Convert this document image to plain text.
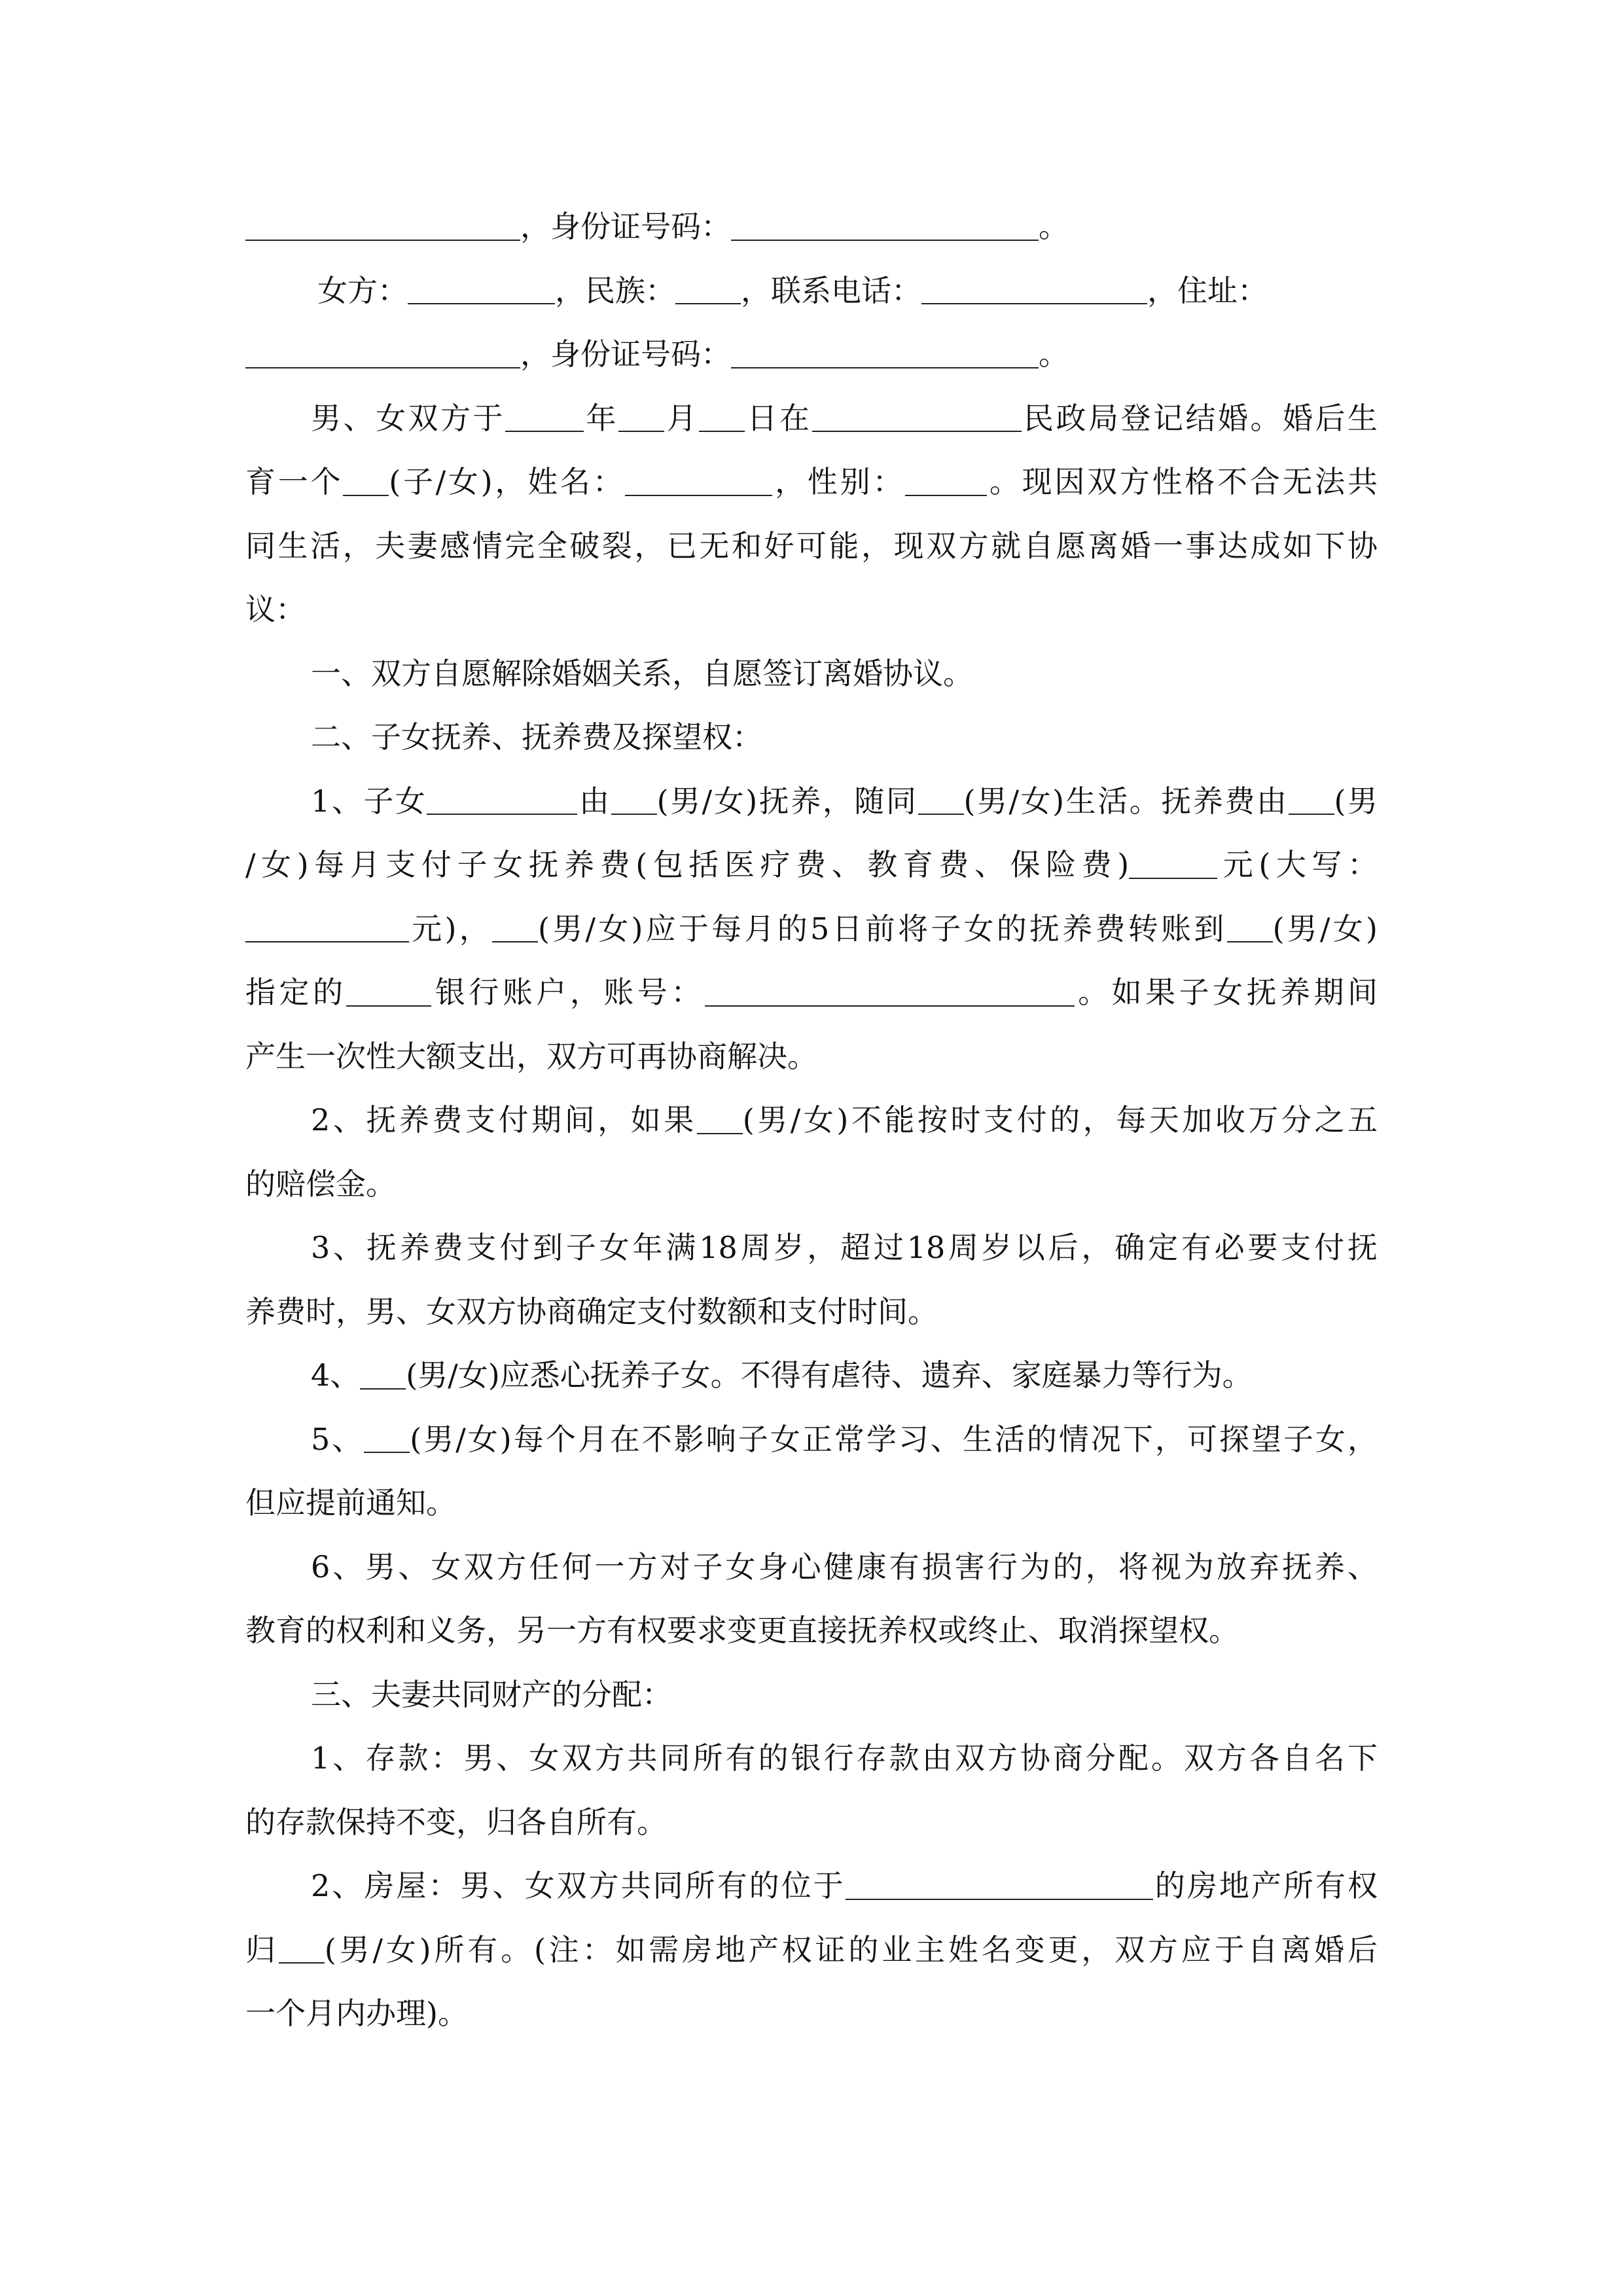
，身份证号码：	。
女方：	，民族： ，联系电话：	，住址：
，身份证号码：	。
男、女双方于	年 月 日在	民政局登记结婚。婚后生
育一个 (子/女)，姓名：	，性别：	。现因双方性格不合无法共
同生活，夫妻感情完全破裂，已无和好可能，现双方就自愿离婚一事达成如下协
议：
一、双方自愿解除婚姻关系，自愿签订离婚协议。
二、子女抚养、抚养费及探望权：
1、子女	由 (男/女)抚养，随同 (男/女)生活。抚养费由 (男
/女)每月支付子女抚养费(包括医疗费、教育费、保险费)	元(大写：
元)， (男/女)应于每月的5日前将子女的抚养费转账到 (男/女)
指定的	银行账户，账号：	。如果子女抚养期间
产生一次性大额支出，双方可再协商解决。
2、抚养费支付期间，如果 (男/女)不能按时支付的，每天加收万分之五
的赔偿金。
3、抚养费支付到子女年满18周岁，超过18周岁以后，确定有必要支付抚
养费时，男、女双方协商确定支付数额和支付时间。
4、 (男/女)应悉心抚养子女。不得有虐待、遗弃、家庭暴力等行为。
5、 (男/女)每个月在不影响子女正常学习、生活的情况下，可探望子女，
但应提前通知。
6、男、女双方任何一方对子女身心健康有损害行为的，将视为放弃抚养、
教育的权利和义务，另一方有权要求变更直接抚养权或终止、取消探望权。
三、夫妻共同财产的分配：
1、存款：男、女双方共同所有的银行存款由双方协商分配。双方各自名下
的存款保持不变，归各自所有。
2、房屋：男、女双方共同所有的位于	的房地产所有权
归 (男/女)所有。(注：如需房地产权证的业主姓名变更，双方应于自离婚后
一个月内办理)。
